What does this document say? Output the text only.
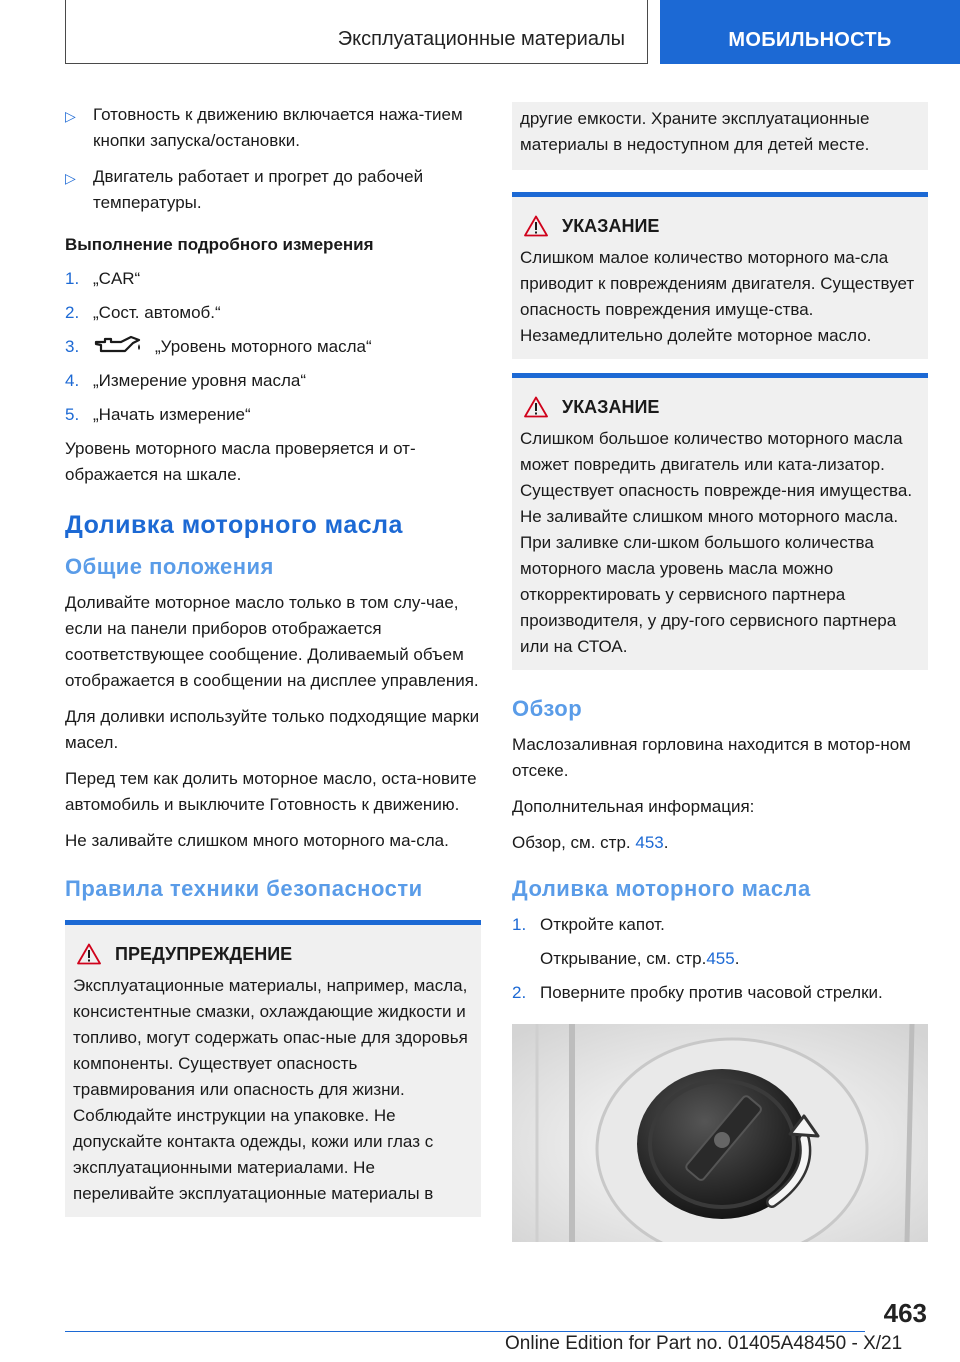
Эксплуатационные материалы	МОБИЛЬНОСТЬ
▷	Готовность к движению включается нажа-тием кнопки запуска/остановки.
▷	Двигатель работает и прогрет до рабочей температуры.
Выполнение подробного измерения
1. „CAR“
2. „Сост. автомоб.“
3.	„Уровень моторного масла“
4. „Измерение уровня масла“
5. „Начать измерение“

Уровень моторного масла проверяется и от-ображается на шкале.

Доливка моторного масла
Общие положения

Доливайте моторное масло только в том слу-чае, если на панели приборов отображается соответствующее сообщение. Доливаемый объем отображается в сообщении на дисплее управления.

Для доливки используйте только подходящие марки масел.

Перед тем как долить моторное масло, оста-новите автомобиль и выключите Готовность к движению.

Не заливайте слишком много моторного ма-сла.

Правила техники безопасности
ПРЕДУПРЕЖДЕНИЕ
Эксплуатационные материалы, например, масла, консистентные смазки, охлаждающие жидкости и топливо, могут содержать опас-ные для здоровья компоненты. Существует опасность травмирования или опасность для жизни. Соблюдайте инструкции на упаковке. Не допускайте контакта одежды, кожи или глаз с эксплуатационными материалами. Не переливайте эксплуатационные материалы в
другие емкости. Храните эксплуатационные материалы в недоступном для детей месте.
УКАЗАНИЕ
Слишком малое количество моторного ма-сла приводит к повреждениям двигателя. Существует опасность повреждения имуще-ства. Незамедлительно долейте моторное масло.
УКАЗАНИЕ
Слишком большое количество моторного масла может повредить двигатель или ката-лизатор. Существует опасность поврежде-ния имущества. Не заливайте слишком много моторного масла. При заливке сли-шком большого количества моторного масла уровень масла можно откорректировать у сервисного партнера производителя, у дру-гого сервисного партнера или на СТОА.
Обзор

Маслозаливная горловина находится в мотор-ном отсеке.

Дополнительная информация:

Обзор, см. стр. 453.

Доливка моторного масла
1. Откройте капот.
Открывание, см. стр. 455 .
2. Поверните пробку против часовой стрелки.
463
Online Edition for Part no. 01405A48450 - X/21
